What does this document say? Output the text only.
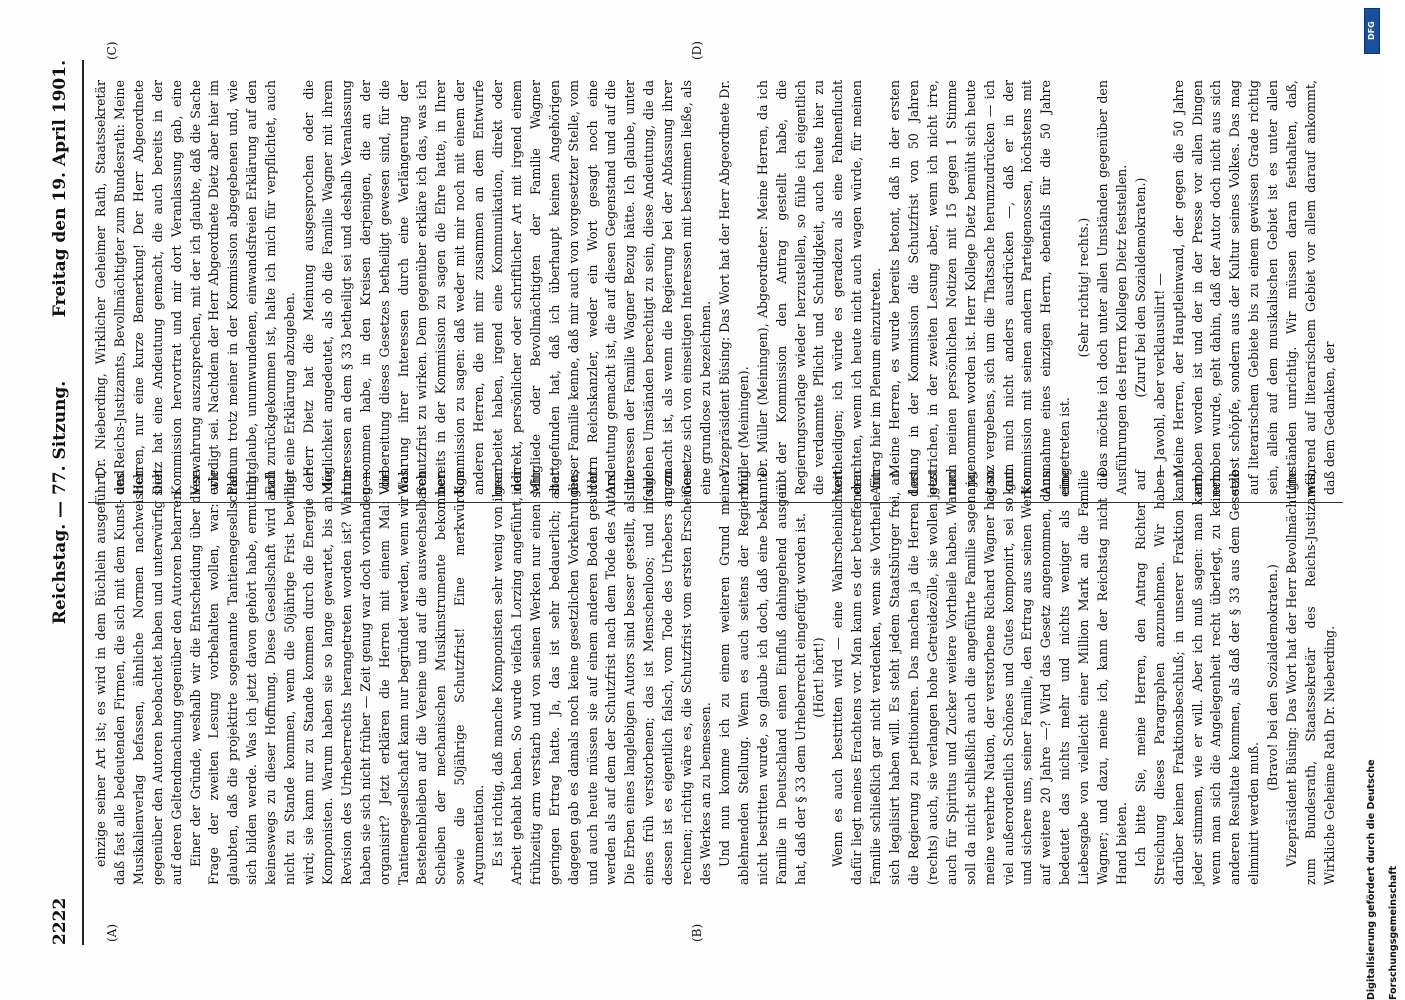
2222
Reichstag. — 77. Sitzung.
Freitag den 19. April 1901.
(A)	(B)
(C)	(D)

einzige seiner Art ist; es wird in dem Büchlein ausgeführt, daß fast alle bedeutenden Firmen, die sich mit dem Kunst- und Musikalienverlag befassen, ähnliche Normen nachweislich gegenüber den Autoren beobachtet haben und unterwürfig sich auf deren Geltendmachung gegenüber den Autoren beharren. Einer der Gründe, weshalb wir die Entscheidung über diese Frage der zweiten Lesung vorbehalten wollen, war: wir glaubten, daß die projektirte sogenannte Tantiemegesellschaft sich bilden werde. Was ich jetzt davon gehört habe, ermuthigt keineswegs zu dieser Hoffnung. Diese Gesellschaft wird auch nicht zu Stande kommen, wenn die 50jährige Frist bewilligt wird; sie kann nur zu Stande kommen durch die Energie der Komponisten. Warum haben sie so lange gewartet, bis an die Revision des Urheberrechts herangetreten worden ist? Warum haben sie sich nicht früher — Zeit genug war doch vorhanden — organisirt? Jetzt erklären die Herren mit einem Mal: die Tantiemegesellschaft kann nur begründet werden, wenn wir das Bestehenbleiben auf die Vereine und auf die auswechselbaren Scheiben der mechanischen Musikinstrumente bekommen sowie die 50jährige Schutzfrist! Eine merkwürdige Argumentation. Es ist richtig, daß manche Komponisten sehr wenig von ihrer Arbeit gehabt haben. So wurde vielfach Lorzing angeführt, der frühzeitig arm verstarb und von seinen Werken nur einen sehr geringen Ertrag hatte. Ja, das ist sehr bedauerlich; aber dagegen gab es damals noch keine gesetzlichen Vorkehrungen, und auch heute müssen sie auf einem anderen Boden gesucht werden als auf dem der Schutzfrist nach dem Tode des Autors. Die Erben eines langlebigen Autors sind besser gestellt, als die eines früh verstorbenen; das ist Menschenloos; und infolge dessen ist es eigentlich falsch, vom Tode des Urhebers an zu rechnen; richtig wäre es, die Schutzfrist vom ersten Erscheinen des Werkes an zu bemessen. Und nun komme ich zu einem weiteren Grund meiner ablehnenden Stellung. Wenn es auch seitens der Regierung nicht bestritten wurde, so glaube ich doch, daß eine bekannte Familie in Deutschland einen Einfluß dahingehend ausgeübt hat, daß der § 33 dem Urheberrecht eingefügt worden ist. (Hört! hört!) Wenn es auch bestritten wird — eine Wahrscheinlichkeit dafür liegt meines Erachtens vor. Man kann es der betreffenden Familie schließlich gar nicht verdenken, wenn sie Vortheile für sich legalisirt haben will. Es steht jedem Staatsbürger frei, an die Regierung zu petitioniren. Das machen ja die Herren dort (rechts) auch, sie verlangen hohe Getreidezölle, sie wollen jetzt auch für Spiritus und Zucker weitere Vortheile haben. Warum soll da nicht schließlich auch die angeführte Familie sagen: ja, meine verehrte Nation, der verstorbene Richard Wagner hat so viel außerordentlich Schönes und Gutes komponirt, sei so gut und sichere uns, seiner Familie, den Ertrag aus seinen Werken auf weitere 20 Jahre —? Wird das Gesetz angenommen, dann bedeutet das nichts mehr und nichts weniger als eine Liebesgabe von vielleicht einer Million Mark an die Familie Wagner; und dazu, meine ich, kann der Reichstag nicht die Hand bieten. Ich bitte Sie, meine Herren, den Antrag Richter auf Streichung dieses Paragraphen anzunehmen. Wir haben darüber keinen Fraktionsbeschluß; in unserer Fraktion kann jeder stimmen, wie er will. Aber ich muß sagen: man kann, wenn man sich die Angelegenheit recht überlegt, zu keinem anderen Resultate kommen, als daß der § 33 aus dem Gesetze eliminirt werden muß.

(Bravo! bei den Sozialdemokraten.) Vizepräsident Büsing: Das Wort hat der Herr Bevollmächtigte zum Bundesrath, Staatssekretär des Reichs-Justizamts, Wirkliche Geheime Rath Dr. Nieberding.

Dr. Nieberding, Wirklicher Geheimer Rath, Staatssekretär des Reichs-Justizamts, Bevollmächtigter zum Bundesrath: Meine Herren, nur eine kurze Bemerkung! Der Herr Abgeordnete Dietz hat eine Andeutung gemacht, die auch bereits in der Kommission hervortrat und mir dort Veranlassung gab, eine Verwahrung auszusprechen, mit der ich glaubte, daß die Sache erledigt sei. Nachdem der Herr Abgeordnete Dietz aber hier im Plenum trotz meiner in der Kommission abgegebenen und, wie ich glaube, unumwundenen, einwandsfreien Erklärung auf den Fall zurückgekommen ist, halte ich mich für verpflichtet, auch hier eine Erklärung abzugeben. Herr Dietz hat die Meinung ausgesprochen oder die Möglichkeit angedeutet, als ob die Familie Wagner mit ihrem Interessen an dem § 33 betheiligt sei und deshalb Veranlassung genommen habe, in den Kreisen derjenigen, die an der Vorbereitung dieses Gesetzes betheiligt gewesen sind, für die Wahrung ihrer Interessen durch eine Verlängerung der Schutzfrist zu wirken. Dem gegenüber erkläre ich das, was ich bereits in der Kommission zu sagen die Ehre hatte, in Ihrer Kommission zu sagen: daß weder mit mir noch mit einem der anderen Herren, die mit mir zusammen an dem Entwurfe gearbeitet haben, irgend eine Kommunikation, direkt oder indirekt, persönlicher oder schriftlicher Art mit irgend einem Mitgliede oder Bevollmächtigten der Familie Wagner stattgefunden hat, daß ich überhaupt keinen Angehörigen dieser Familie kenne, daß mir auch von vorgesetzter Stelle, vom Herrn Reichskanzler, weder ein Wort gesagt noch eine Andeutung gemacht ist, die auf diesen Gegenstand und auf die Interessen der Familie Wagner Bezug hätte. Ich glaube, unter solchen Umständen berechtigt zu sein, diese Andeutung, die da gemacht ist, als wenn die Regierung bei der Abfassung ihrer Gesetze sich von einseitigen Interessen mit bestimmen ließe, als eine grundlose zu bezeichnen. Vizepräsident Büsing: Das Wort hat der Herr Abgeordnete Dr. Müller (Meiningen). Dr. Müller (Meiningen), Abgeordneter: Meine Herren, da ich in der Kommission den Antrag gestellt habe, die Regierungsvorlage wieder herzustellen, so fühle ich eigentlich die verdammte Pflicht und Schuldigkeit, auch heute hier zu vertheidigen; ich würde es geradezu als eine Fahnenflucht erachten, wenn ich heute nicht auch wagen würde, für meinen Antrag hier im Plenum einzutreten. Meine Herren, es wurde bereits betont, daß in der ersten Lesung in der Kommission die Schutzfrist von 50 Jahren gestrichen, in der zweiten Lesung aber, wenn ich nicht irre, nach meinen persönlichen Notizen mit 15 gegen 1 Stimme angenommen worden ist. Herr Kollege Dietz bemüht sich heute ganz vergebens, sich um die Thatsache herumzudrücken — ich kann mich nicht anders ausdrücken —, daß er in der Kommission mit seinen andern Parteigenossen, höchstens mit Ausnahme eines einzigen Herrn, ebenfalls für die 50 Jahre eingetreten ist.

(Sehr richtig! rechts.) Das möchte ich doch unter allen Umständen gegenüber den Ausführungen des Herrn Kollegen Dietz feststellen. (Zuruf bei den Sozialdemokraten.) — Jawohl, aber verklausulirt! — Meine Herren, der Hauptleinwand, der gegen die 50 Jahre erhoben worden ist und der in der Presse vor allen Dingen erhoben wurde, geht dahin, daß der Autor doch nicht aus sich selbst schöpfe, sondern aus der Kultur seines Volkes. Das mag auf literarischem Gebiete bis zu einem gewissen Grade richtig sein, allein auf dem musikalischen Gebiet ist es unter allen Umständen unrichtig. Wir müssen daran festhalten, daß, während auf literarischem Gebiet vor allem darauf ankommt, daß dem Gedanken, der

DFG
Digitalisierung gefördert durch die Deutsche Forschungsgemeinschaft
